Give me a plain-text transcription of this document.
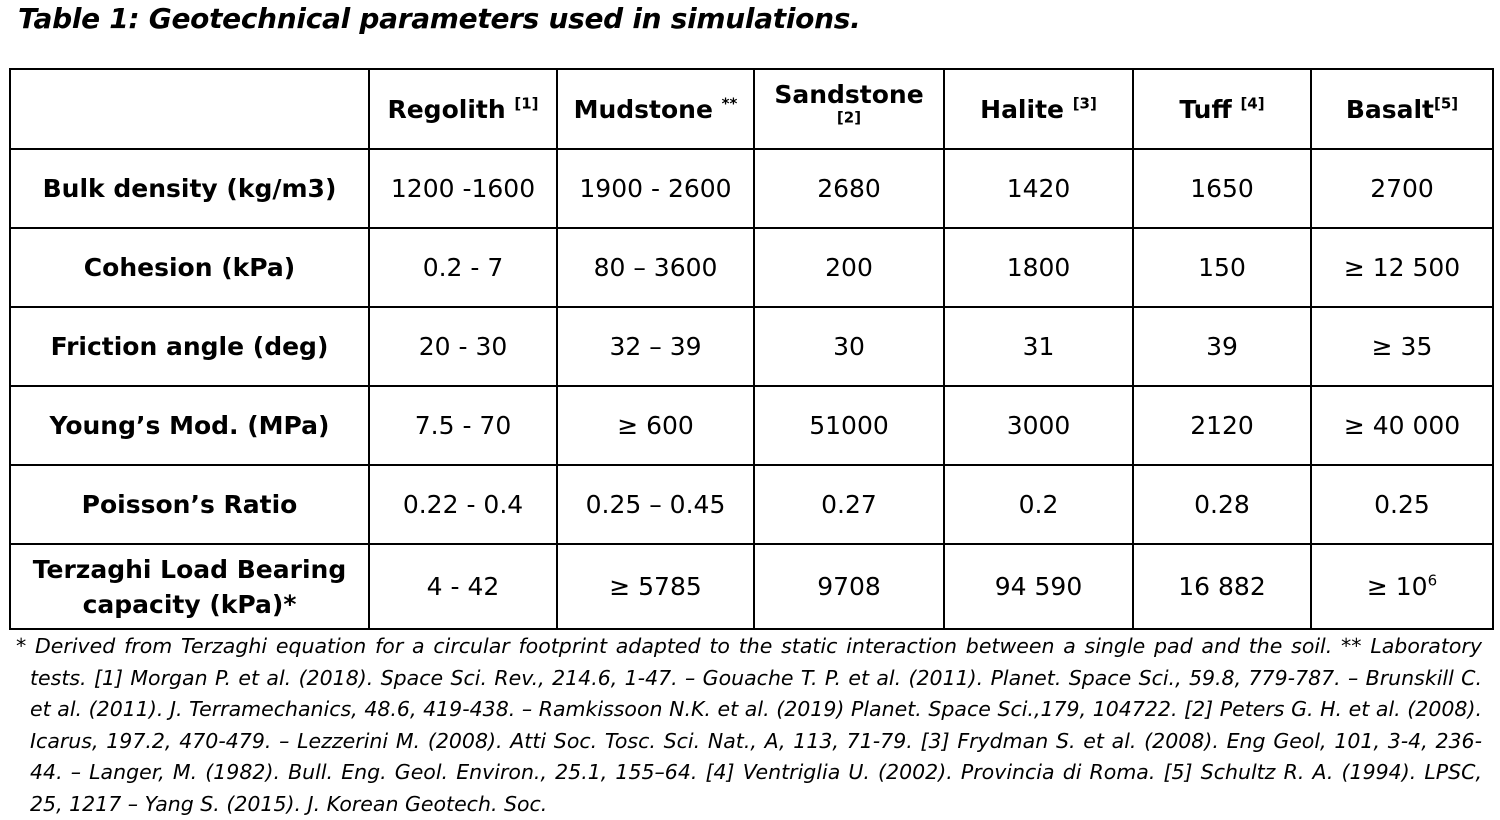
Table 1: Geotechnical parameters used in simulations.
	Regolith [1]	Mudstone **	Sandstone [2]	Halite [3]	Tuff [4]	Basalt[5]
Bulk density (kg/m3)	1200 -1600	1900 - 2600	2680	1420	1650	2700
Cohesion (kPa)	0.2 - 7	80 – 3600	200	1800	150	≥ 12 500
Friction angle (deg)	20 - 30	32 – 39	30	31	39	≥ 35
Young’s Mod. (MPa)	7.5 - 70	≥ 600	51000	3000	2120	≥ 40 000
Poisson’s Ratio	0.22 - 0.4	0.25 – 0.45	0.27	0.2	0.28	0.25
Terzaghi Load Bearing
capacity (kPa)*	4 - 42	≥ 5785	9708	94 590	16 882	≥ $10^6$
* Derived from Terzaghi equation for a circular footprint adapted to the static interaction between a single pad and the soil. ** Laboratory tests. [1] Morgan P. et al. (2018). Space Sci. Rev., 214.6, 1-47. – Gouache T. P. et al. (2011). Planet. Space Sci., 59.8, 779-787. – Brunskill C. et al. (2011). J. Terramechanics, 48.6, 419-438. – Ramkissoon N.K. et al. (2019) Planet. Space Sci.,179, 104722. [2] Peters G. H. et al. (2008). Icarus, 197.2, 470-479. – Lezzerini M. (2008). Atti Soc. Tosc. Sci. Nat., A, 113, 71-79. [3] Frydman S. et al. (2008). Eng Geol, 101, 3-4, 236-44. – Langer, M. (1982). Bull. Eng. Geol. Environ., 25.1, 155–64. [4] Ventriglia U. (2002). Provincia di Roma. [5] Schultz R. A. (1994). LPSC, 25, 1217 – Yang S. (2015). J. Korean Geotech. Soc.
